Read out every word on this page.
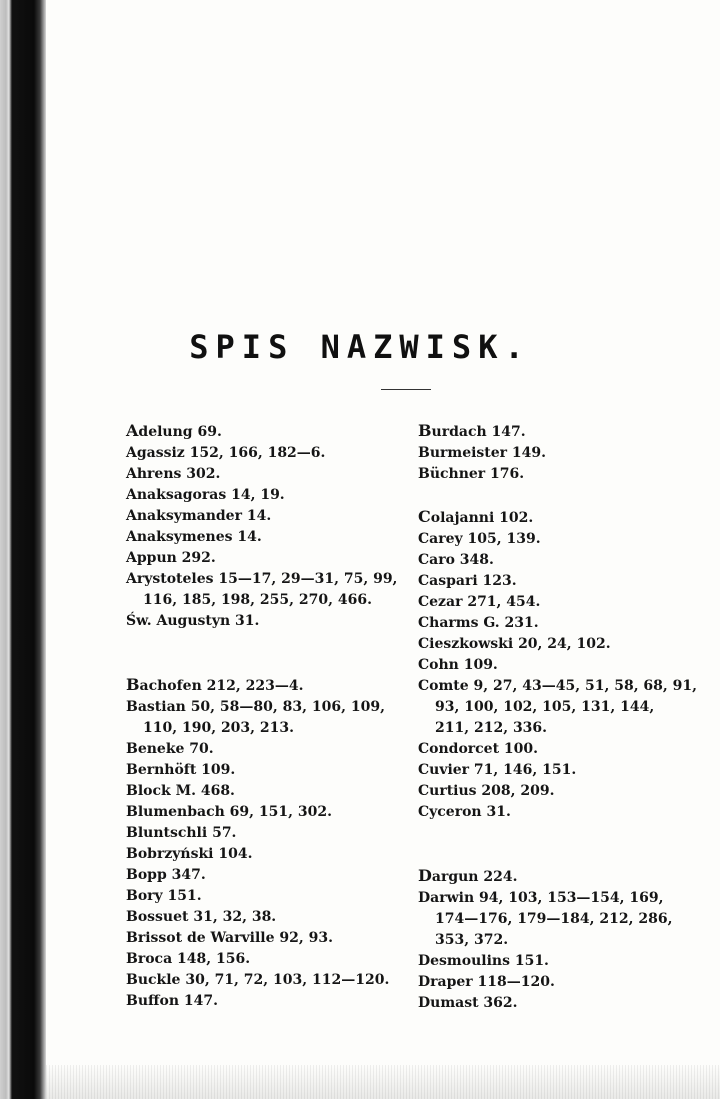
SPIS NAZWISK.
Adelung 69.
Agassiz 152, 166, 182—6.
Ahrens 302.
Anaksagoras 14, 19.
Anaksymander 14.
Anaksymenes 14.
Appun 292.
Arystoteles 15—17, 29—31, 75, 99,
116, 185, 198, 255, 270, 466.
Św. Augustyn 31.
Bachofen 212, 223—4.
Bastian 50, 58—80, 83, 106, 109,
110, 190, 203, 213.
Beneke 70.
Bernhöft 109.
Block M. 468.
Blumenbach 69, 151, 302.
Bluntschli 57.
Bobrzyński 104.
Bopp 347.
Bory 151.
Bossuet 31, 32, 38.
Brissot de Warville 92, 93.
Broca 148, 156.
Buckle 30, 71, 72, 103, 112—120.
Buffon 147.
Burdach 147.
Burmeister 149.
Büchner 176.
Colajanni 102.
Carey 105, 139.
Caro 348.
Caspari 123.
Cezar 271, 454.
Charms G. 231.
Cieszkowski 20, 24, 102.
Cohn 109.
Comte 9, 27, 43—45, 51, 58, 68, 91,
93, 100, 102, 105, 131, 144,
211, 212, 336.
Condorcet 100.
Cuvier 71, 146, 151.
Curtius 208, 209.
Cyceron 31.
Dargun 224.
Darwin 94, 103, 153—154, 169,
174—176, 179—184, 212, 286,
353, 372.
Desmoulins 151.
Draper 118—120.
Dumast 362.
